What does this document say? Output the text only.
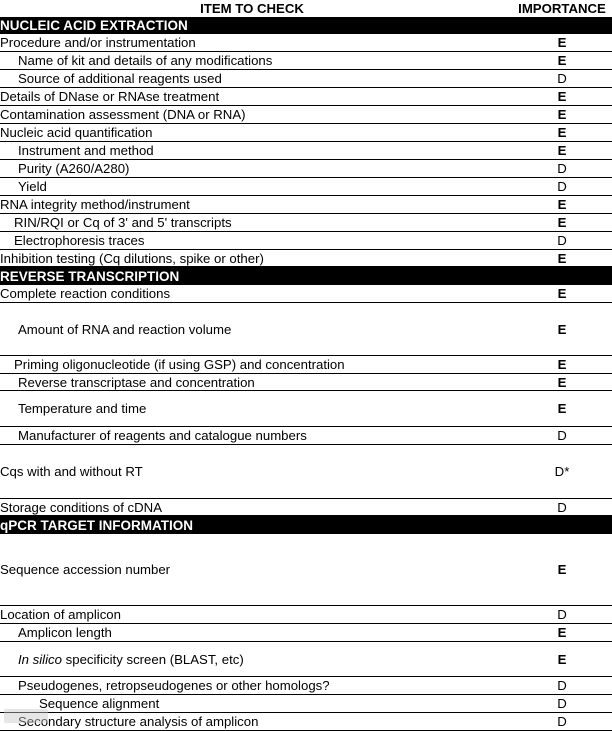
ITEM TO CHECK	IMPORTANCE
NUCLEIC ACID EXTRACTION
Procedure and/or instrumentation	E
Name of kit and details of any modifications	E
Source of additional reagents used	D
Details of DNase or RNAse treatment	E
Contamination assessment (DNA or RNA)	E
Nucleic acid quantification	E
Instrument and method	E
Purity (A260/A280)	D
Yield	D
RNA integrity method/instrument	E
RIN/RQI or Cq of 3' and 5' transcripts	E
Electrophoresis traces	D
Inhibition testing (Cq dilutions, spike or other)	E
REVERSE TRANSCRIPTION
Complete reaction conditions	E
Amount of RNA and reaction volume	E
Priming oligonucleotide (if using GSP) and concentration	E
Reverse transcriptase and concentration	E
Temperature and time	E
Manufacturer of reagents and catalogue numbers	D
Cqs with and without RT	D*
Storage conditions of cDNA	D
qPCR TARGET INFORMATION
Sequence accession number	E
Location of amplicon	D
Amplicon length	E
In silico specificity screen (BLAST, etc)	E
Pseudogenes, retropseudogenes or other homologs?	D
Sequence alignment	D
Secondary structure analysis of amplicon	D
